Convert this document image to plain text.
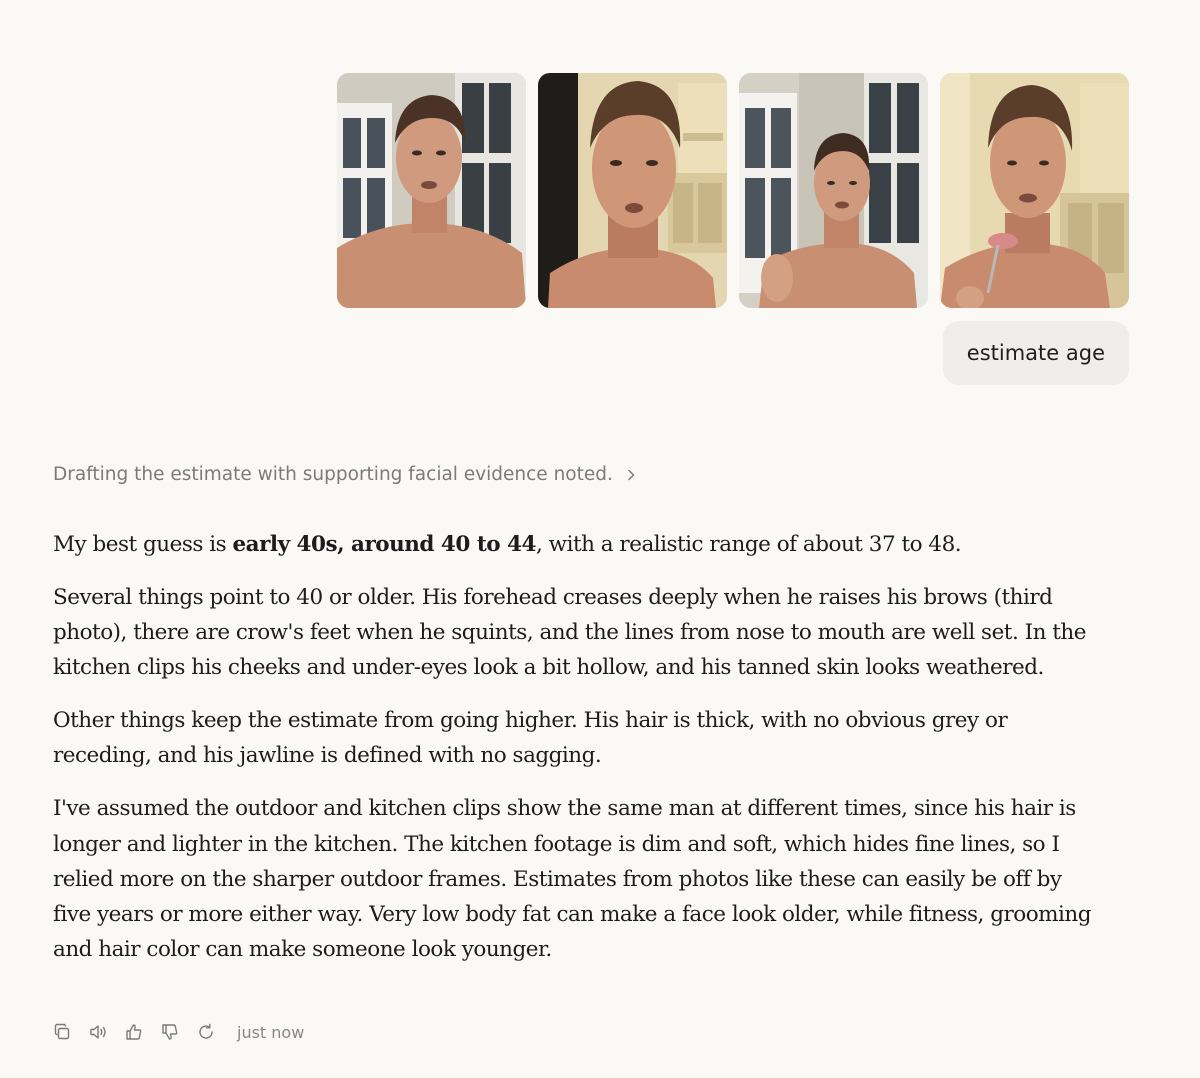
estimate age
Drafting the estimate with supporting facial evidence noted.

My best guess is early 40s, around 40 to 44, with a realistic range of about 37 to 48.

Several things point to 40 or older. His forehead creases deeply when he raises his brows (third photo), there are crow's feet when he squints, and the lines from nose to mouth are well set. In the kitchen clips his cheeks and under-eyes look a bit hollow, and his tanned skin looks weathered.

Other things keep the estimate from going higher. His hair is thick, with no obvious grey or receding, and his jawline is defined with no sagging.

I've assumed the outdoor and kitchen clips show the same man at different times, since his hair is longer and lighter in the kitchen. The kitchen footage is dim and soft, which hides fine lines, so I relied more on the sharper outdoor frames. Estimates from photos like these can easily be off by five years or more either way. Very low body fat can make a face look older, while fitness, grooming and hair color can make someone look younger.

just now
